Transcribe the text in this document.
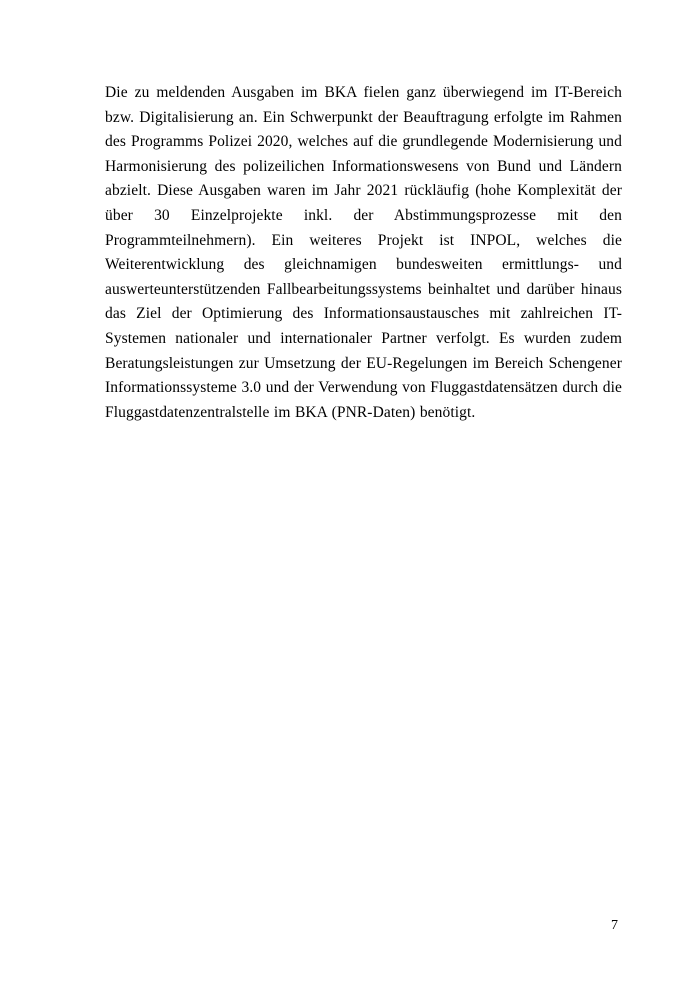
Die zu meldenden Ausgaben im BKA fielen ganz überwiegend im IT-Bereich bzw. Digitalisierung an. Ein Schwerpunkt der Beauftragung erfolgte im Rahmen des Programms Polizei 2020, welches auf die grundlegende Modernisierung und Harmonisierung des polizeilichen Informationswesens von Bund und Ländern abzielt. Diese Ausgaben waren im Jahr 2021 rückläufig (hohe Komplexität der über 30 Einzelprojekte inkl. der Abstimmungsprozesse mit den Programmteilnehmern). Ein weiteres Projekt ist INPOL, welches die Weiterentwicklung des gleichnamigen bundesweiten ermittlungs- und auswerteunterstützenden Fallbearbeitungssystems beinhaltet und darüber hinaus das Ziel der Optimierung des Informationsaustausches mit zahlreichen IT-Systemen nationaler und internationaler Partner verfolgt. Es wurden zudem Beratungsleistungen zur Umsetzung der EU-Regelungen im Bereich Schengener Informationssysteme 3.0 und der Verwendung von Fluggastdatensätzen durch die Fluggastdatenzentralstelle im BKA (PNR-Daten) benötigt.

7
